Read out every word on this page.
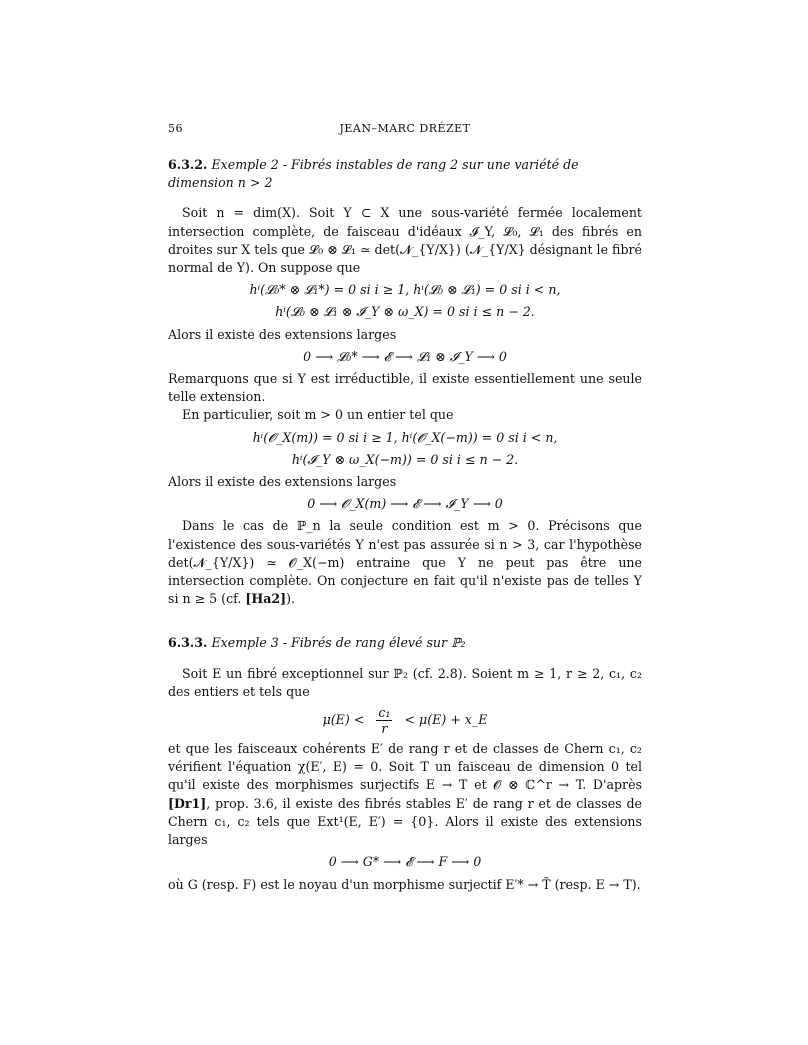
56	JEAN–MARC DRÉZET
6.3.2. Exemple 2 - Fibrés instables de rang 2 sur une variété de dimension n > 2

Soit n = dim(X). Soit Y ⊂ X une sous-variété fermée localement intersection complète, de faisceau d'idéaux 𝓘_Y, 𝓛₀, 𝓛₁ des fibrés en droites sur X tels que 𝓛₀ ⊗ 𝓛₁ ≃ det(𝓝_{Y/X}) (𝓝_{Y/X} désignant le fibré normal de Y). On suppose que

hⁱ(𝓛₀* ⊗ 𝓛₁*) = 0 si i ≥ 1, hⁱ(𝓛₀ ⊗ 𝓛₁) = 0 si i < n,
hⁱ(𝓛₀ ⊗ 𝓛₁ ⊗ 𝓘_Y ⊗ ω_X) = 0 si i ≤ n − 2.

Alors il existe des extensions larges

0 ⟶ 𝓛₀* ⟶ 𝓔 ⟶ 𝓛₁ ⊗ 𝓘_Y ⟶ 0

Remarquons que si Y est irréductible, il existe essentiellement une seule telle extension.

En particulier, soit m > 0 un entier tel que

hⁱ(𝓞_X(m)) = 0 si i ≥ 1, hⁱ(𝓞_X(−m)) = 0 si i < n,
hⁱ(𝓘_Y ⊗ ω_X(−m)) = 0 si i ≤ n − 2.

Alors il existe des extensions larges

0 ⟶ 𝓞_X(m) ⟶ 𝓔 ⟶ 𝓘_Y ⟶ 0

Dans le cas de ℙ_n la seule condition est m > 0. Précisons que l'existence des sous-variétés Y n'est pas assurée si n > 3, car l'hypothèse det(𝓝_{Y/X}) ≃ 𝓞_X(−m) entraine que Y ne peut pas être une intersection complète. On conjecture en fait qu'il n'existe pas de telles Y si n ≥ 5 (cf. [Ha2]).

6.3.3. Exemple 3 - Fibrés de rang élevé sur ℙ₂

Soit E un fibré exceptionnel sur ℙ₂ (cf. 2.8). Soient m ≥ 1, r ≥ 2, c₁, c₂ des entiers et tels que

$\mu(E) < \frac{\text{c₁}}{r} < \mu(E)$ + x_E

et que les faisceaux cohérents E′ de rang r et de classes de Chern c₁, c₂ vérifient l'équation χ(E′, E) = 0. Soit T un faisceau de dimension 0 tel qu'il existe des morphismes surjectifs E → T et 𝓞 ⊗ ℂ^r → T. D'après [Dr1], prop. 3.6, il existe des fibrés stables E′ de rang r et de classes de Chern c₁, c₂ tels que Ext¹(E, E′) = {0}. Alors il existe des extensions larges

0 ⟶ G* ⟶ 𝓔 ⟶ F ⟶ 0

où G (resp. F) est le noyau d'un morphisme surjectif E′* → T̃ (resp. E → T).
